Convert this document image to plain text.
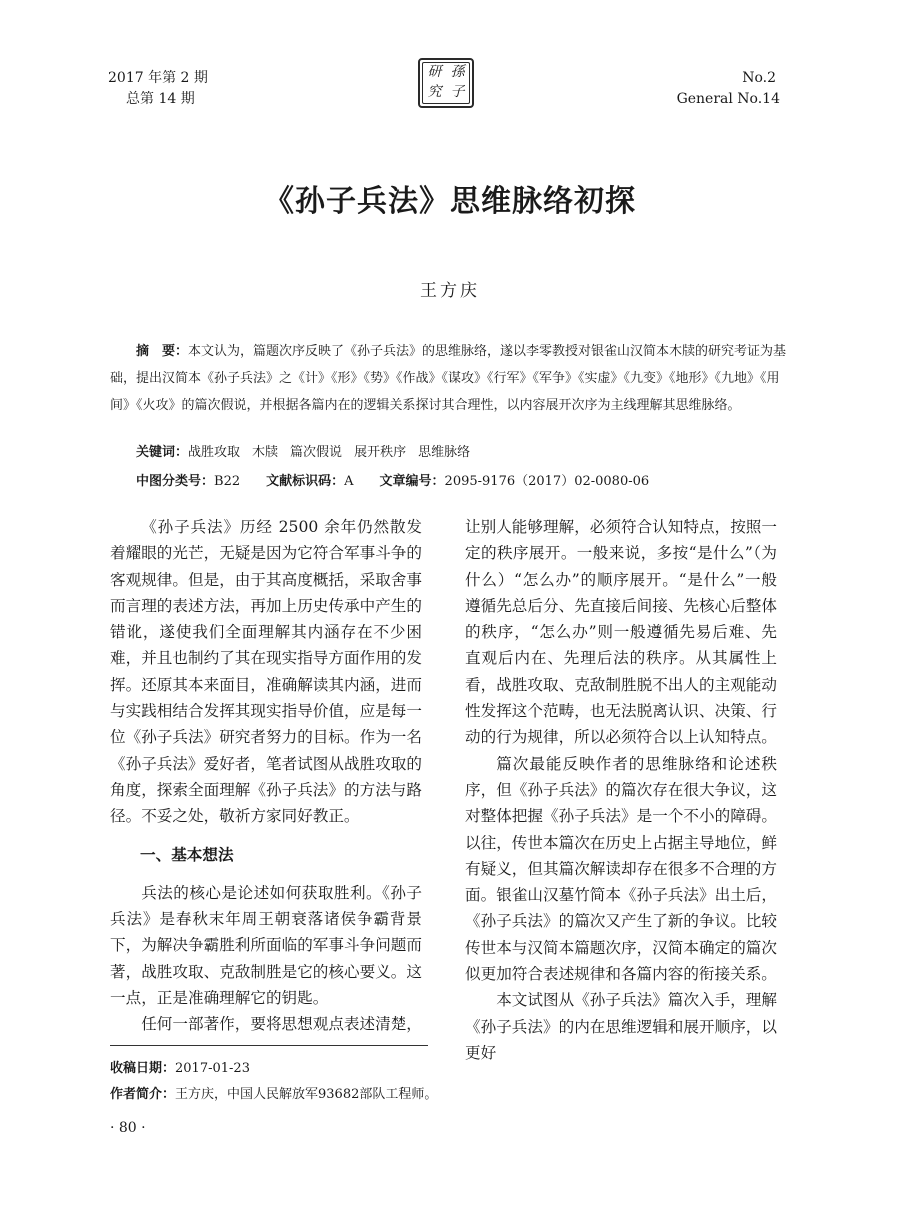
2017 年第 2 期
总第 14 期
研 孫
究 子
No.2
General No.14
《孙子兵法》思维脉络初探
王方庆
摘　要：本文认为，篇题次序反映了《孙子兵法》的思维脉络，遂以李零教授对银雀山汉简本木牍的研究考证为基础，提出汉简本《孙子兵法》之《计》《形》《势》《作战》《谋攻》《行军》《军争》《实虚》《九变》《地形》《九地》《用间》《火攻》的篇次假说，并根据各篇内在的逻辑关系探讨其合理性，以内容展开次序为主线理解其思维脉络。
关键词：战胜攻取 木牍 篇次假说 展开秩序 思维脉络
中图分类号：B22 文献标识码：A 文章编号：2095-9176（2017）02-0080-06

《孙子兵法》历经 2500 余年仍然散发着耀眼的光芒，无疑是因为它符合军事斗争的客观规律。但是，由于其高度概括，采取舍事而言理的表述方法，再加上历史传承中产生的错讹，遂使我们全面理解其内涵存在不少困难，并且也制约了其在现实指导方面作用的发挥。还原其本来面目，准确解读其内涵，进而与实践相结合发挥其现实指导价值，应是每一位《孙子兵法》研究者努力的目标。作为一名《孙子兵法》爱好者，笔者试图从战胜攻取的角度，探索全面理解《孙子兵法》的方法与路径。不妥之处，敬祈方家同好教正。

一、基本想法

兵法的核心是论述如何获取胜利。《孙子兵法》是春秋末年周王朝衰落诸侯争霸背景下，为解决争霸胜利所面临的军事斗争问题而著，战胜攻取、克敌制胜是它的核心要义。这一点，正是准确理解它的钥匙。

任何一部著作，要将思想观点表述清楚，

让别人能够理解，必须符合认知特点，按照一定的秩序展开。一般来说，多按“是什么”（为什么）“怎么办”的顺序展开。“是什么”一般遵循先总后分、先直接后间接、先核心后整体的秩序，“怎么办”则一般遵循先易后难、先直观后内在、先理后法的秩序。从其属性上看，战胜攻取、克敌制胜脱不出人的主观能动性发挥这个范畴，也无法脱离认识、决策、行动的行为规律，所以必须符合以上认知特点。

篇次最能反映作者的思维脉络和论述秩序，但《孙子兵法》的篇次存在很大争议，这对整体把握《孙子兵法》是一个不小的障碍。以往，传世本篇次在历史上占据主导地位，鲜有疑义，但其篇次解读却存在很多不合理的方面。银雀山汉墓竹简本《孙子兵法》出土后，《孙子兵法》的篇次又产生了新的争议。比较传世本与汉简本篇题次序，汉简本确定的篇次似更加符合表述规律和各篇内容的衔接关系。

本文试图从《孙子兵法》篇次入手，理解《孙子兵法》的内在思维逻辑和展开顺序，以更好

收稿日期：2017-01-23
作者简介：王方庆，中国人民解放军93682部队工程师。
· 80 ·
